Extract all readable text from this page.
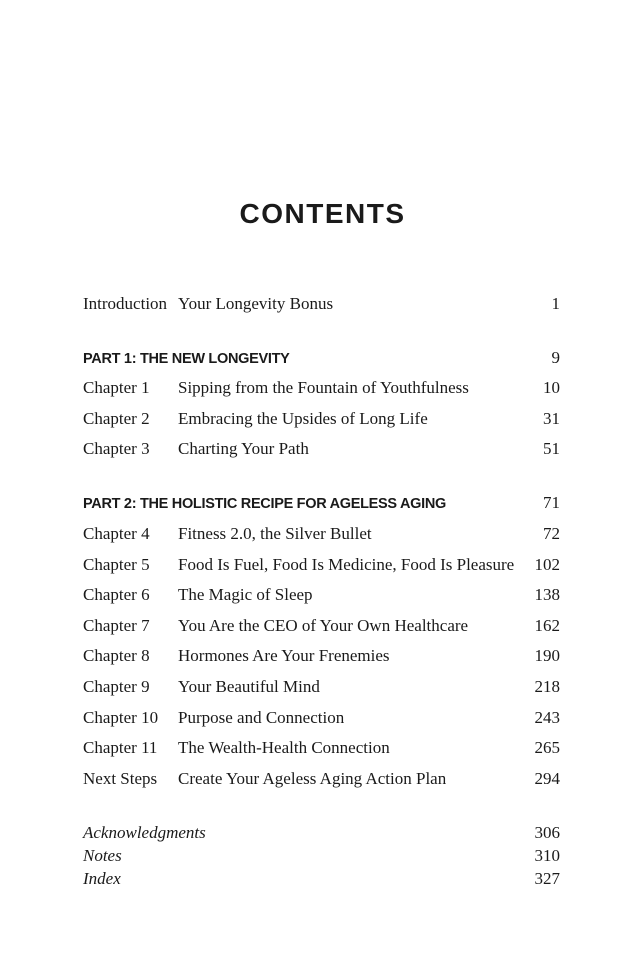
CONTENTS
Introduction Your Longevity Bonus	1
PART 1: THE NEW LONGEVITY	9
Chapter 1 Sipping from the Fountain of Youthfulness	10
Chapter 2 Embracing the Upsides of Long Life	31
Chapter 3 Charting Your Path	51
PART 2: THE HOLISTIC RECIPE FOR AGELESS AGING	71
Chapter 4 Fitness 2.0, the Silver Bullet	72
Chapter 5 Food Is Fuel, Food Is Medicine, Food Is Pleasure 102
Chapter 6 The Magic of Sleep	138
Chapter 7 You Are the CEO of Your Own Healthcare	162
Chapter 8 Hormones Are Your Frenemies	190
Chapter 9 Your Beautiful Mind	218
Chapter 10 Purpose and Connection	243
Chapter 11 The Wealth-Health Connection	265
Next Steps Create Your Ageless Aging Action Plan	294
Acknowledgments	306
Notes	310
Index	327
